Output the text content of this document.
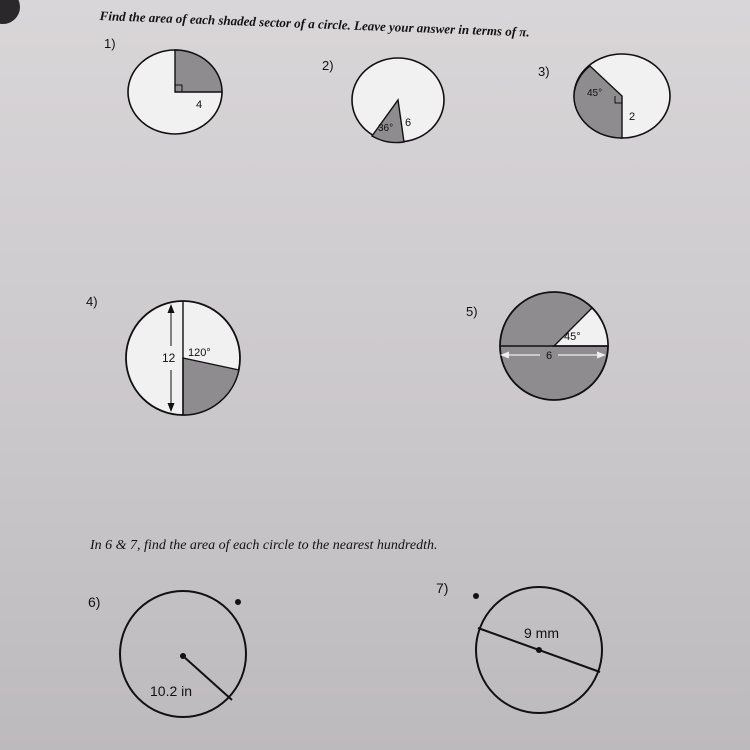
Find the area of each shaded sector of a circle. Leave your answer in terms of π.
1)
2)	3)
4)
5)
In 6 & 7, find the area of each circle to the nearest hundredth.
6)
7)
4
36° 6
45°
2
12 120°
45°
6
10.2 in
9 mm
